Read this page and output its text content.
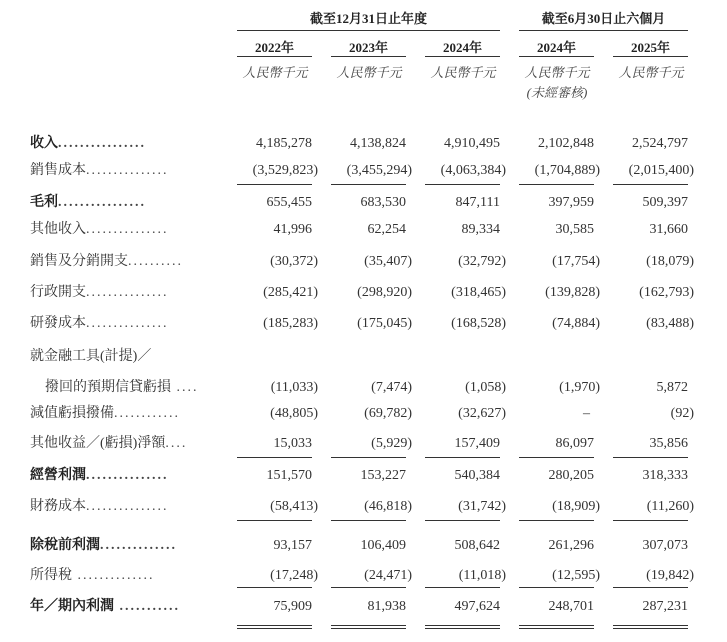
截至12月31日止年度	截至6月30日止六個月
2022年	2023年	2024年	2024年	2025年
人民幣千元	人民幣千元	人民幣千元	人民幣千元	人民幣千元
(未經審核)
收入................	4,185,278	4,138,824	4,910,495	2,102,848	2,524,797
銷售成本...............	(3,529,823)	(3,455,294)	(4,063,384)	(1,704,889)	(2,015,400)
毛利................	655,455	683,530	847,111	397,959	509,397
其他收入...............	41,996	62,254	89,334	30,585	31,660
銷售及分銷開支..........	(30,372)	(35,407)	(32,792)	(17,754)	(18,079)
行政開支...............	(285,421)	(298,920)	(318,465)	(139,828)	(162,793)
研發成本...............	(185,283)	(175,045)	(168,528)	(74,884)	(83,488)
就金融工具(計提)／
撥回的預期信貸虧損 ....	(11,033)	(7,474)	(1,058)	(1,970)	5,872
減值虧損撥備............	(48,805)	(69,782)	(32,627)	–	(92)
其他收益／(虧損)淨額....	15,033	(5,929)	157,409	86,097	35,856
經營利潤...............	151,570	153,227	540,384	280,205	318,333
財務成本...............	(58,413)	(46,818)	(31,742)	(18,909)	(11,260)
除稅前利潤..............	93,157	106,409	508,642	261,296	307,073
所得稅 ..............	(17,248)	(24,471)	(11,018)	(12,595)	(19,842)
年／期內利潤 ...........	75,909	81,938	497,624	248,701	287,231
